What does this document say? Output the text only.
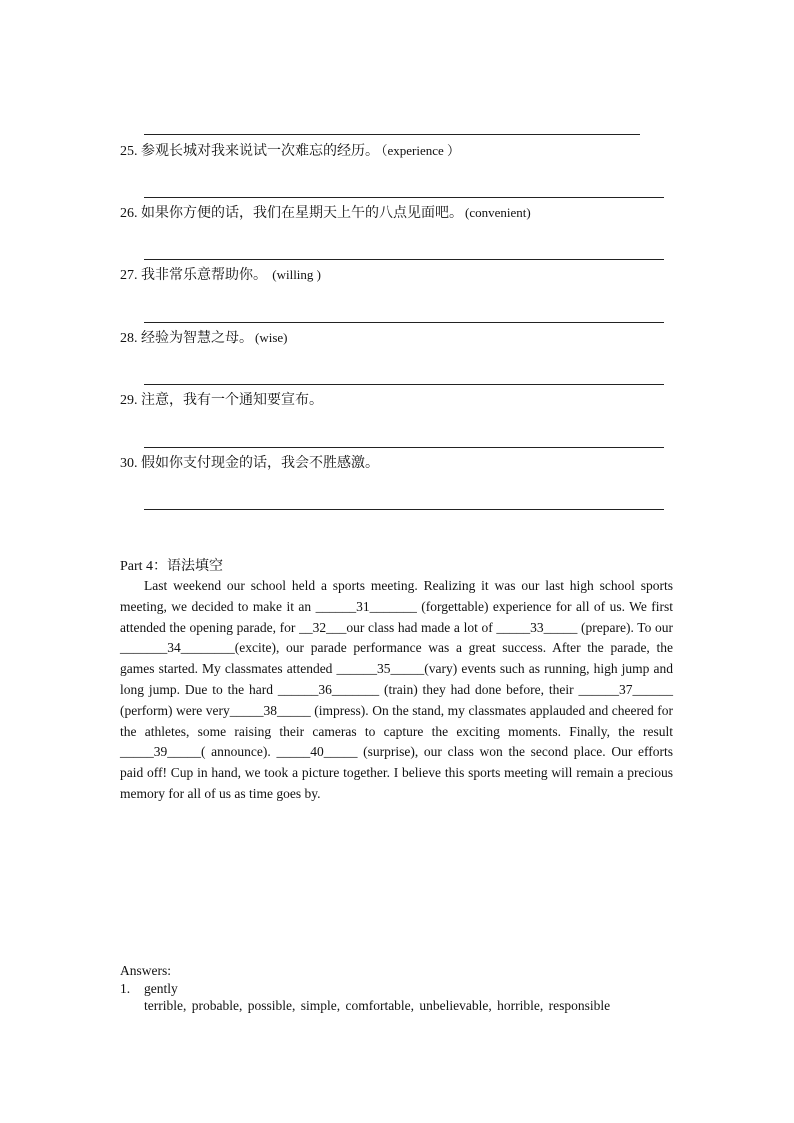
25. 参观长城对我来说试一次难忘的经历。 （experience ）
26. 如果你方便的话，我们在星期天上午的八点见面吧。 (convenient)
27. 我非常乐意帮助你。 (willing )
28. 经验为智慧之母。 (wise)
29. 注意，我有一个通知要宣布。
30. 假如你支付现金的话，我会不胜感激。
Part 4：语法填空

Last weekend our school held a sports meeting. Realizing it was our last high school sports meeting, we decided to make it an ______31_______ (forgettable) experience for all of us. We first attended the opening parade, for __32___our class had made a lot of _____33_____ (prepare). To our _______34________(excite), our parade performance was a great success. After the parade, the games started. My classmates attended ______35_____(vary) events such as running, high jump and long jump. Due to the hard ______36_______ (train) they had done before, their ______37______ (perform) were very_____38_____ (impress). On the stand, my classmates applauded and cheered for the athletes, some raising their cameras to capture the exciting moments. Finally, the result _____39_____( announce). _____40_____ (surprise), our class won the second place. Our efforts paid off! Cup in hand, we took a picture together. I believe this sports meeting will remain a precious memory for all of us as time goes by.

Answers:
1. gently
terrible, probable, possible, simple, comfortable, unbelievable, horrible, responsible
